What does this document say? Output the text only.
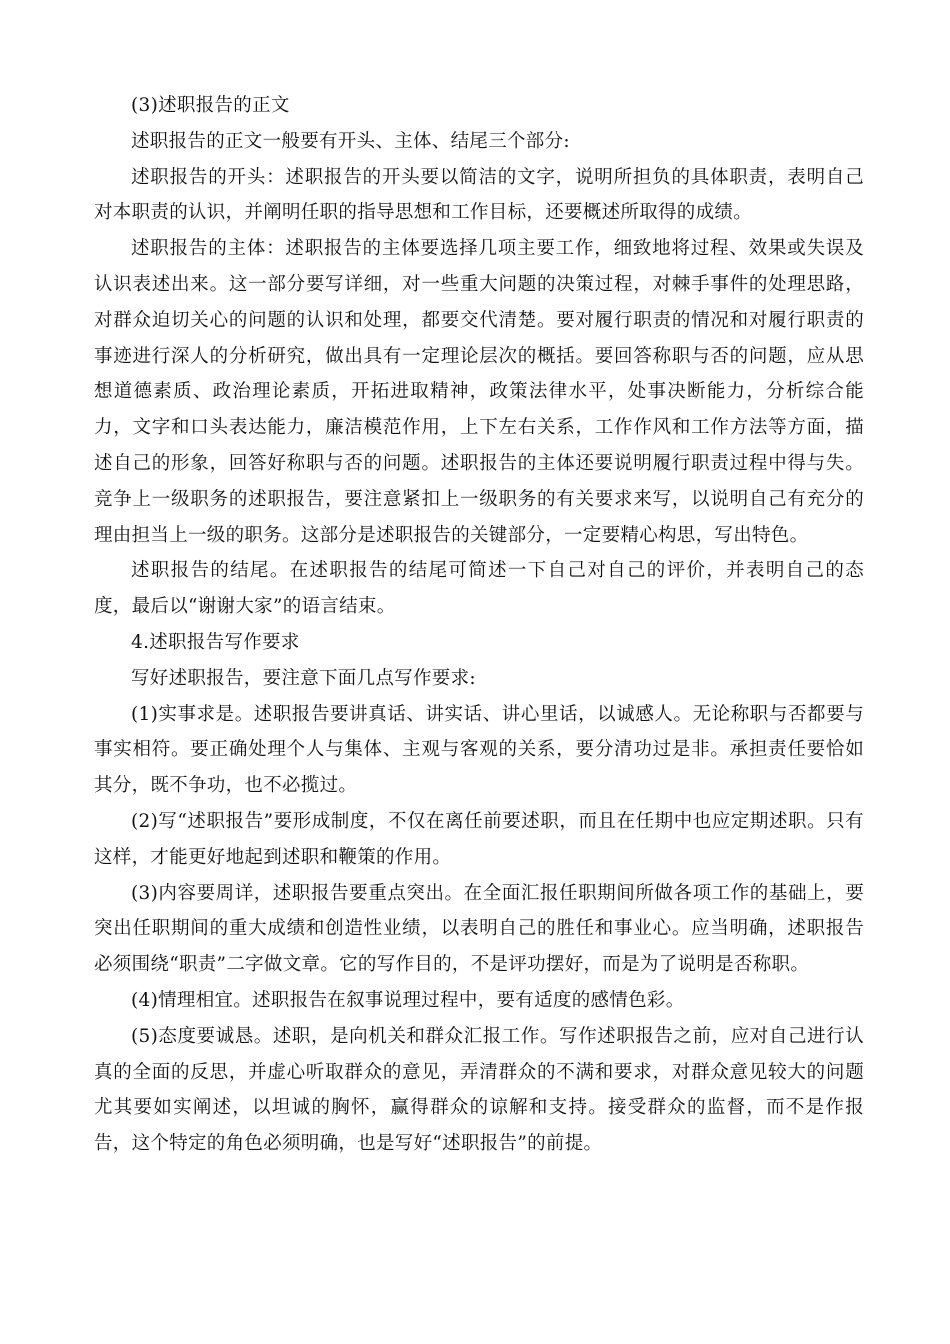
(3)述职报告的正文

述职报告的正文一般要有开头、主体、结尾三个部分:

述职报告的开头：述职报告的开头要以简洁的文字，说明所担负的具体职责，表明自己对本职责的认识，并阐明任职的指导思想和工作目标，还要概述所取得的成绩。

述职报告的主体：述职报告的主体要选择几项主要工作，细致地将过程、效果或失误及认识表述出来。这一部分要写详细，对一些重大问题的决策过程，对棘手事件的处理思路，对群众迫切关心的问题的认识和处理，都要交代清楚。要对履行职责的情况和对履行职责的事迹进行深人的分析研究，做出具有一定理论层次的概括。要回答称职与否的问题，应从思想道德素质、政治理论素质，开拓进取精神，政策法律水平，处事决断能力，分析综合能力，文字和口头表达能力，廉洁模范作用，上下左右关系，工作作风和工作方法等方面，描述自己的形象，回答好称职与否的问题。述职报告的主体还要说明履行职责过程中得与失。竞争上一级职务的述职报告，要注意紧扣上一级职务的有关要求来写，以说明自己有充分的理由担当上一级的职务。这部分是述职报告的关键部分，一定要精心构思，写出特色。

述职报告的结尾。在述职报告的结尾可简述一下自己对自己的评价，并表明自己的态度，最后以“谢谢大家”的语言结束。

4.述职报告写作要求

写好述职报告，要注意下面几点写作要求:

(1)实事求是。述职报告要讲真话、讲实话、讲心里话，以诚感人。无论称职与否都要与事实相符。要正确处理个人与集体、主观与客观的关系，要分清功过是非。承担责任要恰如其分，既不争功，也不必揽过。

(2)写“述职报告”要形成制度，不仅在离任前要述职，而且在任期中也应定期述职。只有这样，才能更好地起到述职和鞭策的作用。

(3)内容要周详，述职报告要重点突出。在全面汇报任职期间所做各项工作的基础上，要突出任职期间的重大成绩和创造性业绩，以表明自己的胜任和事业心。应当明确，述职报告必须围绕“职责”二字做文章。它的写作目的，不是评功摆好，而是为了说明是否称职。

(4)情理相宜。述职报告在叙事说理过程中，要有适度的感情色彩。

(5)态度要诚恳。述职，是向机关和群众汇报工作。写作述职报告之前，应对自己进行认真的全面的反思，并虚心听取群众的意见，弄清群众的不满和要求，对群众意见较大的问题尤其要如实阐述，以坦诚的胸怀，赢得群众的谅解和支持。接受群众的监督，而不是作报告，这个特定的角色必须明确，也是写好“述职报告”的前提。
